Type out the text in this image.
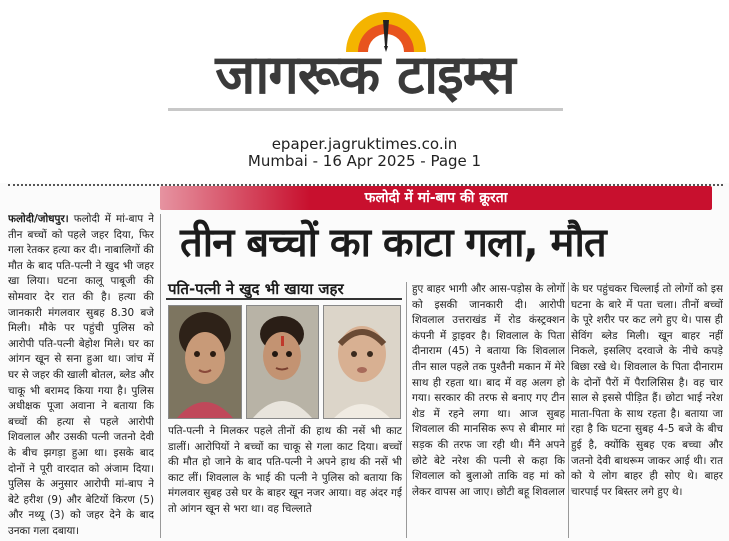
जागरूक टाइम्स
epaper.jagruktimes.co.in
Mumbai - 16 Apr 2025 - Page 1
फलोदी में मां-बाप की क्रूरता
तीन बच्चों का काटा गला, मौत
फलोदी/जोधपुर। फलोदी में मां-बाप ने तीन बच्चों को पहले जहर दिया, फिर गला रेतकर हत्या कर दी। नाबालिगों की मौत के बाद पति-पत्नी ने खुद भी जहर खा लिया। घटना कालू पाबूजी की सोमवार देर रात की है। हत्या की जानकारी मंगलवार सुबह 8.30 बजे मिली। मौके पर पहुंची पुलिस को आरोपी पति-पत्नी बेहोश मिले। घर का आंगन खून से सना हुआ था। जांच में घर से जहर की खाली बोतल, ब्लेड और चाकू भी बरामद किया गया है। पुलिस अधीक्षक पूजा अवाना ने बताया कि बच्चों की हत्या से पहले आरोपी शिवलाल और उसकी पत्नी जतनो देवी के बीच झगड़ा हुआ था। इसके बाद दोनों ने पूरी वारदात को अंजाम दिया। पुलिस के अनुसार आरोपी मां-बाप ने बेटे हरीश (9) और बेटियों किरण (5) और नथ्यू (3) को जहर देने के बाद उनका गला दबाया।
पति-पत्नी ने खुद भी खाया जहर
पति-पत्नी ने मिलकर पहले तीनों की हाथ की नसें भी काट डालीं। आरोपियों ने बच्चों का चाकू से गला काट दिया। बच्चों की मौत हो जाने के बाद पति-पत्नी ने अपने हाथ की नसें भी काट लीं। शिवलाल के भाई की पत्नी ने पुलिस को बताया कि मंगलवार सुबह उसे घर के बाहर खून नजर आया। वह अंदर गई तो आंगन खून से भरा था। वह चिल्लाते
हुए बाहर भागी और आस-पड़ोस के लोगों को इसकी जानकारी दी। आरोपी शिवलाल उत्तराखंड में रोड कंस्ट्रक्शन कंपनी में ड्राइवर है। शिवलाल के पिता दीनाराम (45) ने बताया कि शिवलाल तीन साल पहले तक पुश्तैनी मकान में मेरे साथ ही रहता था। बाद में वह अलग हो गया। सरकार की तरफ से बनाए गए टीन शेड में रहने लगा था। आज सुबह शिवलाल की मानसिक रूप से बीमार मां सड़क की तरफ जा रही थी। मैंने अपने छोटे बेटे नरेश की पत्नी से कहा कि शिवलाल को बुलाओ ताकि वह मां को लेकर वापस आ जाए। छोटी बहू शिवलाल
के घर पहुंचकर चिल्लाई तो लोगों को इस घटना के बारे में पता चला। तीनों बच्चों के पूरे शरीर पर कट लगे हुए थे। पास ही सेविंग ब्लेड मिली। खून बाहर नहीं निकले, इसलिए दरवाजे के नीचे कपड़े बिछा रखे थे। शिवलाल के पिता दीनाराम के दोनों पैरों में पैरालिसिस है। वह चार साल से इससे पीड़ित हैं। छोटा भाई नरेश माता-पिता के साथ रहता है। बताया जा रहा है कि घटना सुबह 4-5 बजे के बीच हुई है, क्योंकि सुबह एक बच्चा और जतनो देवी बाथरूम जाकर आई थी। रात को ये लोग बाहर ही सोए थे। बाहर चारपाई पर बिस्तर लगे हुए थे।
